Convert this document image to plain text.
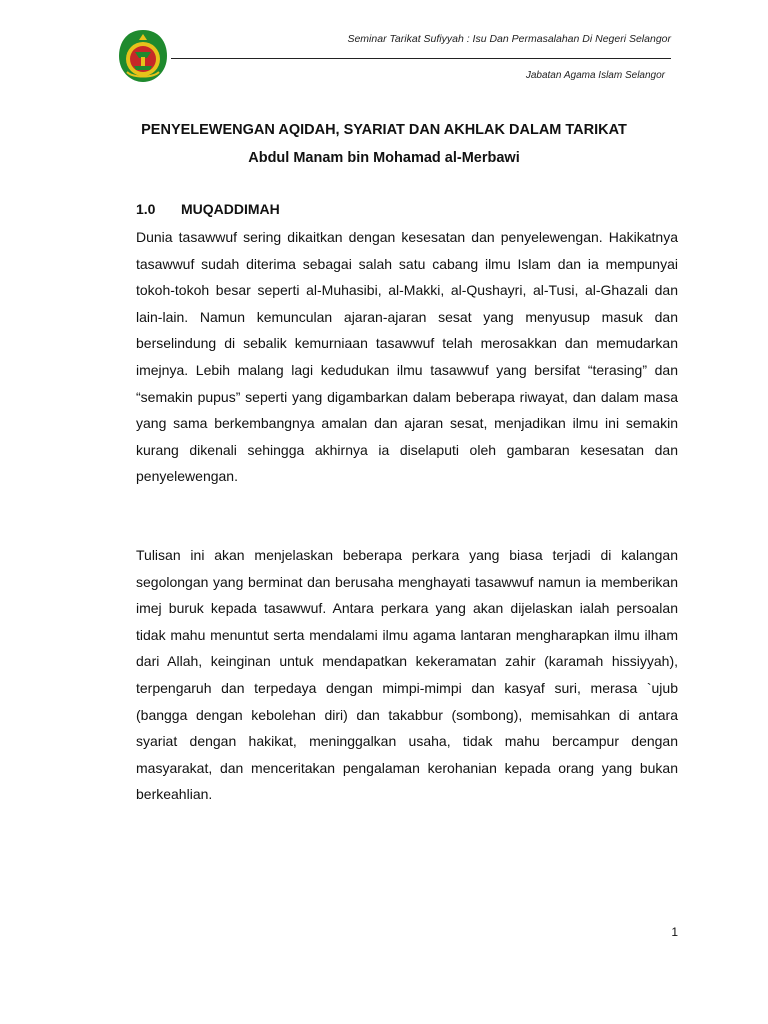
Seminar Tarikat Sufiyyah : Isu Dan Permasalahan Di Negeri Selangor
Jabatan Agama Islam Selangor
PENYELEWENGAN AQIDAH, SYARIAT DAN AKHLAK DALAM TARIKAT
Abdul Manam bin Mohamad al-Merbawi
1.0 MUQADDIMAH

Dunia tasawwuf sering dikaitkan dengan kesesatan dan penyelewengan. Hakikatnya tasawwuf sudah diterima sebagai salah satu cabang ilmu Islam dan ia mempunyai tokoh-tokoh besar seperti al-Muhasibi, al-Makki, al-Qushayri, al-Tusi, al-Ghazali dan lain-lain. Namun kemunculan ajaran-ajaran sesat yang menyusup masuk dan berselindung di sebalik kemurniaan tasawwuf telah merosakkan dan memudarkan imejnya. Lebih malang lagi kedudukan ilmu tasawwuf yang bersifat “terasing” dan “semakin pupus” seperti yang digambarkan dalam beberapa riwayat, dan dalam masa yang sama berkembangnya amalan dan ajaran sesat, menjadikan ilmu ini semakin kurang dikenali sehingga akhirnya ia diselaputi oleh gambaran kesesatan dan penyelewengan.

Tulisan ini akan menjelaskan beberapa perkara yang biasa terjadi di kalangan segolongan yang berminat dan berusaha menghayati tasawwuf namun ia memberikan imej buruk kepada tasawwuf. Antara perkara yang akan dijelaskan ialah persoalan tidak mahu menuntut serta mendalami ilmu agama lantaran mengharapkan ilmu ilham dari Allah, keinginan untuk mendapatkan kekeramatan zahir (karamah hissiyyah), terpengaruh dan terpedaya dengan mimpi-mimpi dan kasyaf suri, merasa `ujub (bangga dengan kebolehan diri) dan takabbur (sombong), memisahkan di antara syariat dengan hakikat, meninggalkan usaha, tidak mahu bercampur dengan masyarakat, dan menceritakan pengalaman kerohanian kepada orang yang bukan berkeahlian.

1
